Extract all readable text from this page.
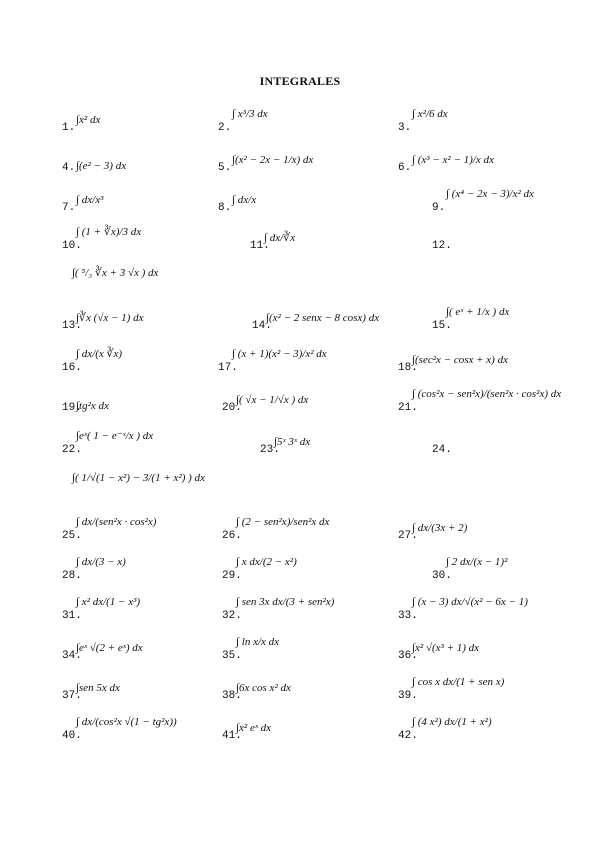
INTEGRALES
1.
∫x² dx
2.
∫ x³/3 dx
3.
∫ x²/6 dx
4. ∫(e² − 3) dx	5.
∫(x² − 2x − 1/x) dx
6.
∫ (x³ − x² − 1)/x dx
7.
∫ dx/x³
8.
∫ dx/x
9.
∫ (x⁴ − 2x − 3)/x² dx
10.
∫ (1 + ∛x)/3 dx
11.
∫ dx/∛x
12.
∫( ⁵/₃ ∛x + 3 √x ) dx
13.
∫∛x (√x − 1) dx
14.
∫(x² − 2 senx − 8 cosx) dx
15.
∫( eˣ + 1/x ) dx
16.
∫ dx/(x ∛x)
17.
∫ (x + 1)(x² − 3)/x² dx
18.
∫(sec²x − cosx + x) dx
19.
∫tg²x dx	20.
∫( √x − 1/√x ) dx
21.
∫ (cos²x − sen²x)/(sen²x · cos²x) dx
22.
∫eˣ( 1 − e⁻ˣ/x ) dx
23.
∫5ˣ 3ˣ dx
24.
∫( 1/√(1 − x²) − 3/(1 + x²) ) dx
25.
∫ dx/(sen²x · cos²x)
26.
∫ (2 − sen²x)/sen²x dx
27.
∫ dx/(3x + 2)
28.
∫ dx/(3 − x)
29.
∫ x dx/(2 − x²)
30.
∫ 2 dx/(x − 1)²
31.
∫ x² dx/(1 − x³)
32.
∫ sen 3x dx/(3 + sen²x)
33.
∫ (x − 3) dx/√(x² − 6x − 1)
34.
∫eˣ √(2 + eˣ) dx
35.
∫ ln x/x dx
36.
∫x² √(x³ + 1) dx
37.
∫sen 5x dx
38.
∫6x cos x² dx
39.
∫ cos x dx/(1 + sen x)
40.
∫ dx/(cos²x √(1 − tg²x))
41.
∫x² eˣ dx
42.
∫ (4 x²) dx/(1 + x²)
